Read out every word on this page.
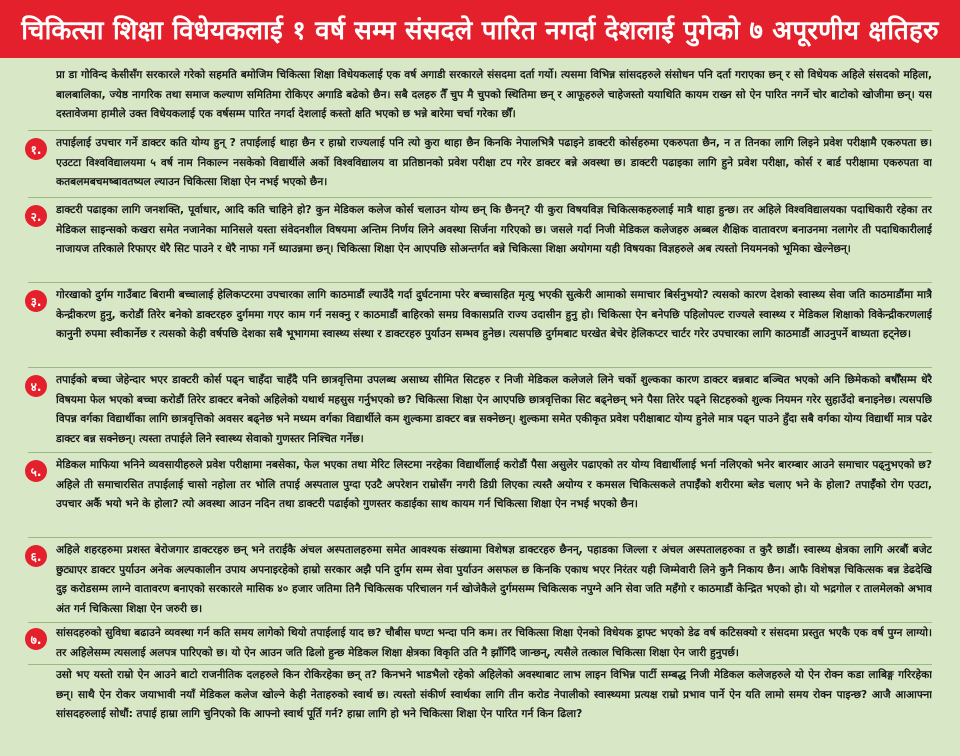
चिकित्सा शिक्षा विधेयकलाई १ वर्ष सम्म संसदले पारित नगर्दा देशलाई पुगेको ७ अपूरणीय क्षतिहरु
प्रा डा गोविन्द केसीसँग सरकारले गरेको सहमति बमोजिम चिकित्सा शिक्षा विधेयकलाई एक वर्ष अगाडी सरकारले संसदमा दर्ता गर्यो। त्यसमा विभिन्न सांसदहरुले संसोधन पनि दर्ता गराएका छन् र सो विधेयक अहिले संसदको महिला, बालबालिका, ज्येष्ठ नागरिक तथा समाज कल्याण समितिमा रोकिएर अगाडि बढेको छैन। सबै दलहरु तैँ चुप मै चुपको स्थितिमा छन् र आफूहरुले चाहेजस्तो ययाथिति कायम राख्न सो ऐन पारित नगर्ने चोर बाटोको खोजीमा छन्। यस दस्तावेजमा हामीले उक्त विधेयकलाई एक वर्षसम्म पारित नगर्दा देशलाई कस्तो क्षति भएको छ भन्ने बारेमा चर्चा गरेका छौँ।
१.	तपाईलाई उपचार गर्ने डाक्टर कति योग्य हुन् ? तपाईलाई थाहा छैन र हाम्रो राज्यलाई पनि त्यो कुरा थाहा छैन किनकि नेपालभित्रै पढाइने डाक्टरी कोर्सहरुमा एकरुपता छैन, न त तिनका लागि लिइने प्रवेश परीक्षामै एकरुपता छ। एउटटा विश्वविद्यालयमा ५ वर्ष नाम निकाल्न नसकेको विद्यार्थीले अर्को विश्वविद्यालय वा प्रतिष्ठानको प्रवेश परीक्षा टप गरेर डाक्टर बन्ने अवस्था छ। डाक्टरी पढाइका लागि हुने प्रवेश परीक्षा, कोर्स र बार्ड परीक्षामा एकरुपता वा कतबलमबचमष्बावतष्यल ल्याउन चिकित्सा शिक्षा ऐन नभई भएको छैन।
२.	डाक्टरी पढाइका लागि जनशक्ति, पूर्वाधार, आदि कति चाहिने हो? कुन मेडिकल कलेज कोर्स चलाउन योग्य छन् कि छैनन्? यी कुरा विषयविज्ञ चिकित्सकहरुलाई मात्रै थाहा हुन्छ। तर अहिले विश्वविद्यालयका पदाधिकारी रहेका तर मेडिकल साइन्सको कखरा समेत नजानेका मानिसले यस्ता संवेदनशील विषयमा अन्तिम निर्णय लिने अवस्था सिर्जना गरिएको छ। जसले गर्दा निजी मेडिकल कलेजहरु अब्बल शैक्षिक वातावरण बनाउनमा नलागेर ती पदाधिकारीलाई नाजायज तरिकाले रिफाएर धेरै सिट पाउने र धेरै नाफा गर्ने ध्याउन्नमा छन्। चिकित्सा शिक्षा ऐन आएपछि सोअन्तर्गत बन्ने चिकित्सा शिक्षा अयोगमा यही विषयका विज्ञहरुले अब त्यस्तो नियमनको भूमिका खेल्नेछन्।
३.	गोरखाको दुर्गम गाउँबाट बिरामी बच्चालाई हेलिकप्टरमा उपचारका लागि काठमाडौं ल्याउँदै गर्दा दुर्घटनामा परेर बच्चासहित मृत्यु भएकी सुत्केरी आमाको समाचार बिर्सनुभयो? त्यसको कारण देशको स्वास्थ्य सेवा जति काठमाडौंमा मात्रै केन्द्रीकरण हुनु, करोडौं तिरेर बनेको डाक्टरहरु दुर्गममा गएर काम गर्न नसक्नु र काठमाडौं बाहिरको समग्र विकासप्रति राज्य उदासीन हुनु हो। चिकित्सा ऐन बनेपछि पहिलोपल्ट राज्यले स्वास्थ्य र मेडिकल शिक्षाको विकेन्द्रीकरणलाई कानुनी रुपमा स्वीकार्नेछ र त्यसको केही वर्षपछि देशका सबै भूभागमा स्वास्थ्य संस्था र डाक्टरहरु पुर्याउन सम्भव हुनेछ। त्यसपछि दुर्गमबाट घरखेत बेचेर हेलिकप्टर चार्टर गरेर उपचारका लागि काठमाडौं आउनुपर्ने बाध्यता हट्नेछ।
४.	तपाईको बच्चा जेहेन्दार भएर डाक्टरी कोर्स पढ्न चाहँदा चाहँदै पनि छात्रवृत्तिमा उपलब्ध असाध्य सीमित सिटहरु र निजी मेडिकल कलेजले लिने चर्को शुल्कका कारण डाक्टर बन्नबाट बञ्चित भएको अनि छिमेकको बर्षौँसम्म धेरै विषयमा फेल भएको बच्चा करोडौं तिरेर डाक्टर बनेको अहिलेको यथार्थ महसुस गर्नुभएको छ? चिकित्सा शिक्षा ऐन आएपछि छात्रवृत्तिका सिट बढ्नेछन् भने पैसा तिरेर पढ्ने सिटहरुको शुल्क नियमन गरेर सुहाउँदो बनाइनेछ। त्यसपछि विपन्न वर्गका विद्यार्थीका लागि छात्रवृत्तिको अवसर बढ्नेछ भने मध्यम वर्गका विद्यार्थीले कम शुल्कमा डाक्टर बन्न सक्नेछन्। शुल्कमा समेत एकीकृत प्रवेश परीक्षाबाट योग्य हुनेले मात्र पढ्न पाउने हुँदा सबै वर्गका योग्य विद्यार्थी मात्र पढेर डाक्टर बन्न सक्नेछन्। त्यस्ता तपाईले लिने स्वास्थ्य सेवाको गुणस्तर निश्चित गर्नेछ।
५.	मेडिकल माफिया भनिने व्यवसायीहरुले प्रवेश परीक्षामा नबसेका, फेल भएका तथा मेरिट लिस्टमा नरहेका विद्यार्थीलाई करोडौं पैसा असुलेर पढाएको तर योग्य विद्यार्थीलाई भर्ना नलिएको भनेर बारम्बार आउने समाचार पढ्नुभएको छ? अहिले ती समाचारसित तपाईलाई चासो नहोला तर भोलि तपाई अस्पताल पुग्दा एउटै अपरेशन राम्रोसँग नगरी डिग्री लिएका त्यस्तै अयोग्य र कमसल चिकित्सकले तपाईँको शरीरमा ब्लेड चलाए भने के होला? तपाईँको रोग एउटा, उपचार अर्कै भयो भने के होला? त्यो अवस्था आउन नदिन तथा डाक्टरी पढाईको गुणस्तर कडाईका साथ कायम गर्न चिकित्सा शिक्षा ऐन नभई भएको छैन।
६.	अहिले शहरहरुमा प्रशस्त बेरोजगार डाक्टरहरु छन् भने तराईकै अंचल अस्पतालहरुमा समेत आवश्यक संख्यामा विशेषज्ञ डाक्टरहरु छैनन्, पहाडका जिल्ला र अंचल अस्पतालहरुका त कुरै छाडौं। स्वास्थ्य क्षेत्रका लागि अरबौं बजेट छुट्याएर डाक्टर पुर्याउन अनेक अल्पकालीन उपाय अपनाइरहेको हाम्रो सरकार अझै पनि दुर्गम सम्म सेवा पुर्याउन असफल छ किनकि एकाध भएर निरंतर यही जिम्मेवारी लिने कुनै निकाय छैन। आफै विशेषज्ञ चिकित्सक बन्न डेढदेखि दुइ करोडसम्म लाग्ने वातावरण बनाएको सरकारले मासिक ४० हजार जतिमा तिनै चिकित्सक परिचालन गर्न खोजेकैले दुर्गमसम्म चिकित्सक नपुग्ने अनि सेवा जति महँगो र काठमाडौं केन्द्रित भएको हो। यो भद्रगोल र तालमेलको अभाव अंत गर्न चिकित्सा शिक्षा ऐन जरुरी छ।
७.	सांसदहरुको सुविधा बढाउने व्यवस्था गर्न कति समय लागेको थियो तपाईलाई याद छ? चौबीस घण्टा भन्दा पनि कम। तर चिकित्सा शिक्षा ऐनको विधेयक ड्राफ्ट भएको डेढ वर्ष कटिसक्यो र संसदमा प्रस्तुत भएकै एक वर्ष पुग्न लाग्यो। तर अहिलेसम्म त्यसलाई अलपत्र पारिएको छ। यो ऐन आउन जति ढिलो हुन्छ मेडिकल शिक्षा क्षेत्रका विकृति उति नै झाँगिँदै जान्छन्, त्यसैले तत्काल चिकित्सा शिक्षा ऐन जारी हुनुपर्छ।
उसो भए यस्तो राम्रो ऐन आउने बाटो राजनीतिक दलहरुले किन रोकिरहेका छन् त? किनभने भाडभैलो रहेको अहिलेको अवस्थाबाट लाभ लाइन विभिन्न पार्टी सम्बद्ध निजी मेडिकल कलेजहरुले यो ऐन रोक्न कडा लाबिङ्ग गरिरहेका छन्। साथै ऐन रोकर जयाभावी नयाँ मेडिकल कलेज खोल्ने केही नेताहरुको स्वार्थ छ। त्यस्तो संकीर्ण स्वार्थका लागि तीन करोड नेपालीको स्वास्थ्यमा प्रत्यक्ष राम्रो प्रभाव पार्ने ऐन यति लामो समय रोक्न पाइन्छ? आजै आआफ्ना सांसदहरुलाई सोधौं: तपाई हाम्रा लागि चुनिएको कि आफ्नो स्वार्थ पूर्ति गर्न? हाम्रा लागि हो भने चिकित्सा शिक्षा ऐन पारित गर्न किन ढिला?
